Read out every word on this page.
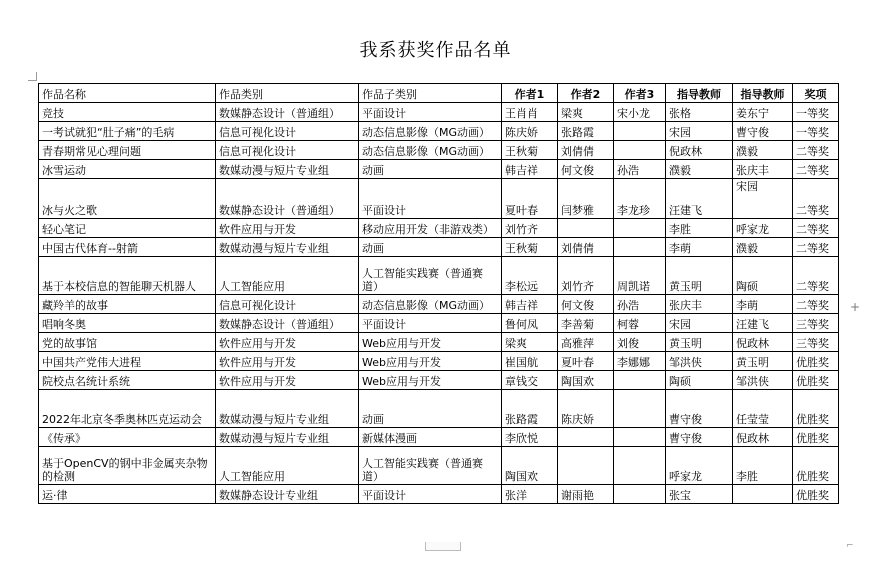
我系获奖作品名单
+
⌐
作品名称	作品类别	作品子类别	作者1	作者2	作者3	指导教师	指导教师	奖项
竞技	数媒静态设计（普通组）	平面设计	王肖肖	梁爽	宋小龙	张格	姜东宁	一等奖
一考试就犯“肚子痛”的毛病	信息可视化设计	动态信息影像（MG动画）	陈庆娇	张路霞		宋园	曹守俊	一等奖
青春期常见心理问题	信息可视化设计	动态信息影像（MG动画）	王秋菊	刘倩倩		倪政林	濮毅	二等奖
冰雪运动	数媒动漫与短片专业组	动画	韩吉祥	何文俊	孙浩	濮毅	张庆丰	二等奖
冰与火之歌	数媒静态设计（普通组）	平面设计	夏叶春	闫梦雅	李龙珍	汪建飞	宋园	二等奖
轻心笔记	软件应用与开发	移动应用开发（非游戏类）	刘竹齐			李胜	呼家龙	二等奖
中国古代体育--射箭	数媒动漫与短片专业组	动画	王秋菊	刘倩倩		李萌	濮毅	二等奖
基于本校信息的智能聊天机器人	人工智能应用	人工智能实践赛（普通赛道）	李松远	刘竹齐	周凯诺	黄玉明	陶硕	二等奖
藏羚羊的故事	信息可视化设计	动态信息影像（MG动画）	韩吉祥	何文俊	孙浩	张庆丰	李萌	二等奖
唱响冬奥	数媒静态设计（普通组）	平面设计	鲁何凤	李善菊	柯蓉	宋园	汪建飞	三等奖
党的故事馆	软件应用与开发	Web应用与开发	梁爽	高雅萍	刘俊	黄玉明	倪政林	三等奖
中国共产党伟大进程	软件应用与开发	Web应用与开发	崔国航	夏叶春	李娜娜	邹洪侠	黄玉明	优胜奖
院校点名统计系统	软件应用与开发	Web应用与开发	章钱交	陶国欢		陶硕	邹洪侠	优胜奖
2022年北京冬季奥林匹克运动会	数媒动漫与短片专业组	动画	张路霞	陈庆娇		曹守俊	任莹莹	优胜奖
《传承》	数媒动漫与短片专业组	新媒体漫画	李欣悦			曹守俊	倪政林	优胜奖
基于OpenCV的钢中非金属夹杂物的检测	人工智能应用	人工智能实践赛（普通赛道）	陶国欢			呼家龙	李胜	优胜奖
运·律	数媒静态设计专业组	平面设计	张洋	谢雨艳		张宝		优胜奖
